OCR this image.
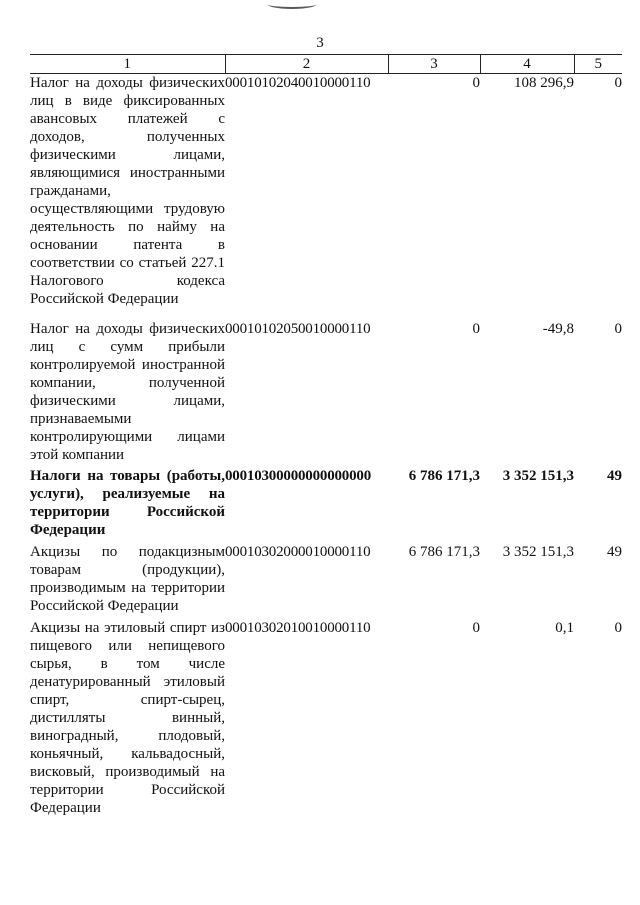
3
1	2	3	4	5
Налог на доходы физических лиц в виде фиксированных авансовых платежей с доходов, полученных физическими лицами, являющимися иностранными гражданами, осуществляющими трудовую деятельность по найму на основании патента в соответствии со статьей 227.1 Налогового кодекса Российской Федерации	00010102040010000110	0	108 296,9	0
Налог на доходы физических лиц с сумм прибыли контролируемой иностранной компании, полученной физическими лицами, признаваемыми контролирующими лицами этой компании	00010102050010000110	0	-49,8	0
Налоги на товары (работы, услуги), реализуемые на территории Российской Федерации	00010300000000000000	6 786 171,3	3 352 151,3	49
Акцизы по подакцизным товарам (продукции), производимым на территории Российской Федерации	00010302000010000110	6 786 171,3	3 352 151,3	49
Акцизы на этиловый спирт из пищевого или непищевого сырья, в том числе денатурированный этиловый спирт, спирт-сырец, дистилляты винный, виноградный, плодовый, коньячный, кальвадосный, висковый, производимый на территории Российской Федерации	00010302010010000110	0	0,1	0
